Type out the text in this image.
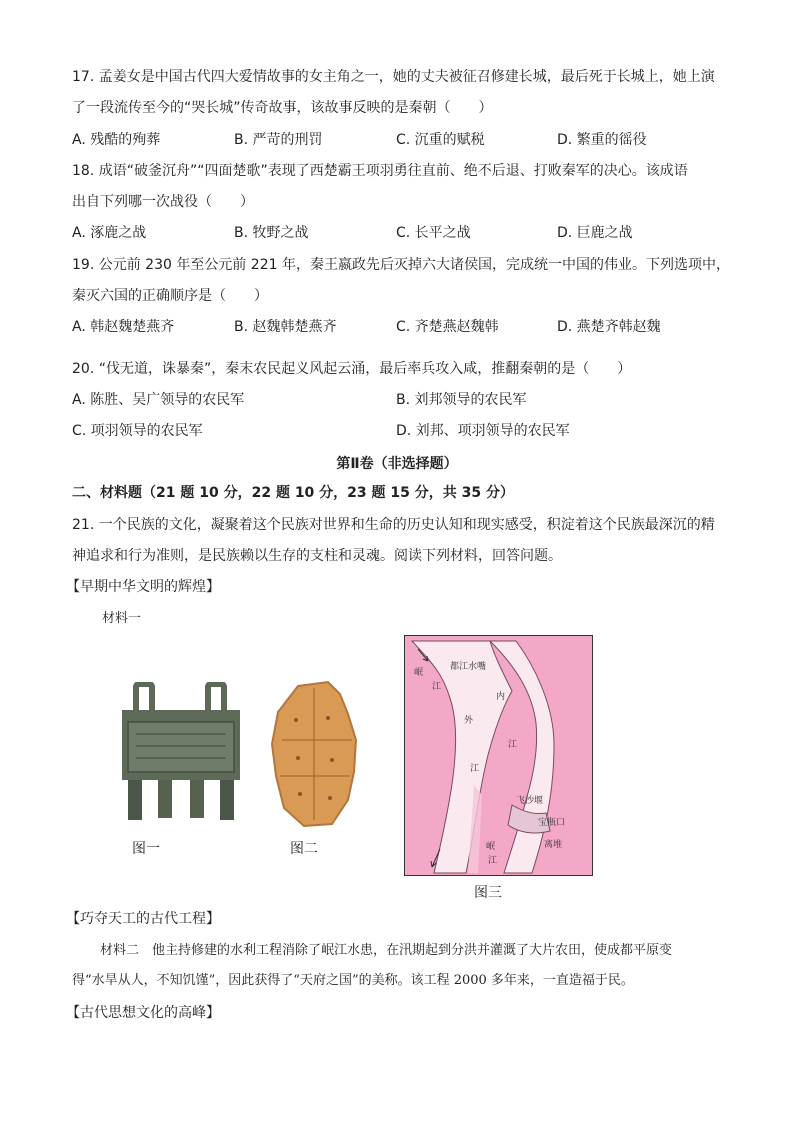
17. 孟姜女是中国古代四大爱情故事的女主角之一，她的丈夫被征召修建长城，最后死于长城上，她上演
了一段流传至今的“哭长城”传奇故事，该故事反映的是秦朝（　　）
A. 残酷的殉葬	B. 严苛的刑罚	C. 沉重的赋税	D. 繁重的徭役
18. 成语“破釜沉舟”“四面楚歌”表现了西楚霸王项羽勇往直前、绝不后退、打败秦军的决心。该成语
出自下列哪一次战役（　　）
A. 涿鹿之战	B. 牧野之战	C. 长平之战	D. 巨鹿之战
19. 公元前 230 年至公元前 221 年，秦王嬴政先后灭掉六大诸侯国，完成统一中国的伟业。下列选项中，
秦灭六国的正确顺序是（　　）
A. 韩赵魏楚燕齐	B. 赵魏韩楚燕齐	C. 齐楚燕赵魏韩	D. 燕楚齐韩赵魏
20. “伐无道，诛暴秦”，秦末农民起义风起云涌，最后率兵攻入咸，推翻秦朝的是（　　）
A. 陈胜、吴广领导的农民军	B. 刘邦领导的农民军
C. 项羽领导的农民军	D. 刘邦、项羽领导的农民军
第Ⅱ卷（非选择题）
二、材料题（21 题 10 分，22 题 10 分，23 题 15 分，共 35 分）
21. 一个民族的文化，凝聚着这个民族对世界和生命的历史认知和现实感受，积淀着这个民族最深沉的精
神追求和行为准则，是民族赖以生存的支柱和灵魂。阅读下列材料，回答问题。
【早期中华文明的辉煌】
材料一
图一	图二
岷
江
都江水嘴
外
江
内
江
飞沙堰
宝瓶口
离堆
岷
江
图三
【巧夺天工的古代工程】
材料二　他主持修建的水利工程消除了岷江水患，在汛期起到分洪并灌溉了大片农田，使成都平原变
得“水旱从人，不知饥馑”，因此获得了“天府之国”的美称。该工程 2000 多年来，一直造福于民。
【古代思想文化的高峰】
